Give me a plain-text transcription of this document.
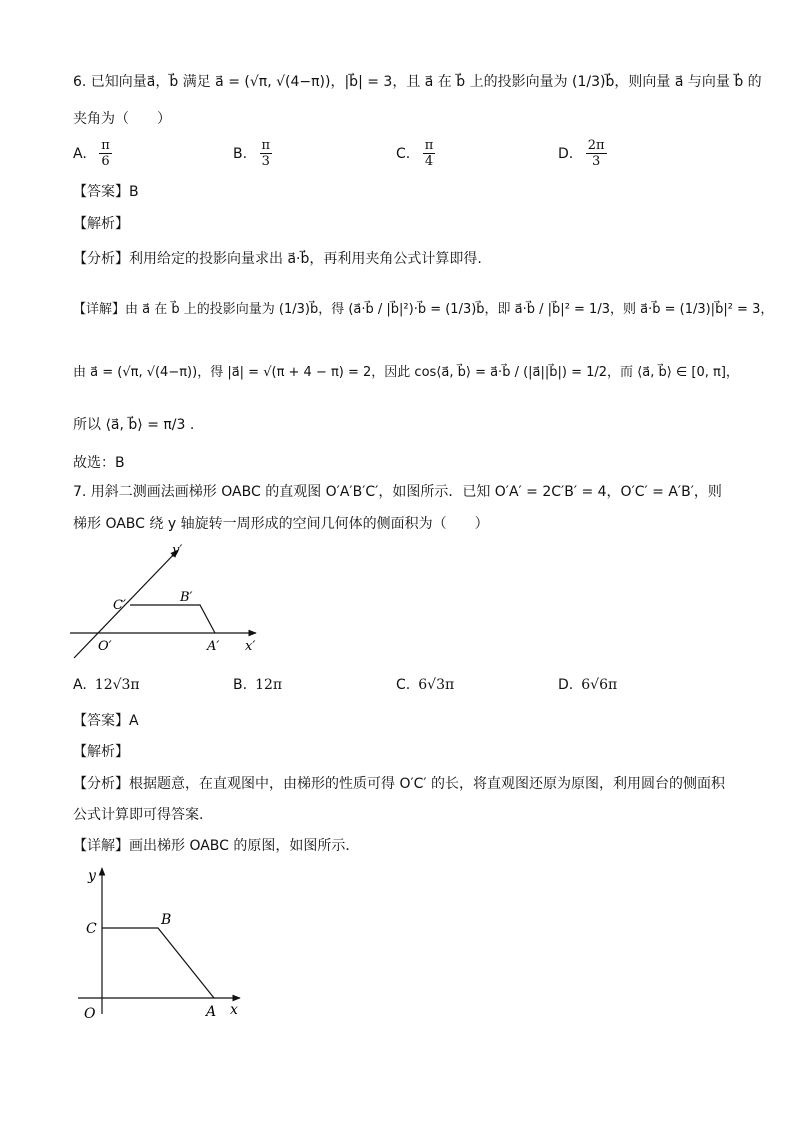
6. 已知向量a⃗，b⃗ 满足 a⃗ = (√π, √(4−π))，|b⃗| = 3，且 a⃗ 在 b⃗ 上的投影向量为 (1/3)b⃗，则向量 a⃗ 与向量 b⃗ 的
夹角为（　　）
A. $\frac{\pi}{6}$	B. $\frac{\pi}{3}$	C. $\frac{\pi}{4}$	D. $\frac{2\pi}{3}$
【答案】B
【解析】
【分析】利用给定的投影向量求出 a⃗·b⃗，再利用夹角公式计算即得.
【详解】由 a⃗ 在 b⃗ 上的投影向量为 (1/3)b⃗，得 (a⃗·b⃗ / |b⃗|²)·b⃗ = (1/3)b⃗，即 a⃗·b⃗ / |b⃗|² = 1/3，则 a⃗·b⃗ = (1/3)|b⃗|² = 3，
由 a⃗ = (√π, √(4−π))，得 |a⃗| = √(π + 4 − π) = 2，因此 cos⟨a⃗, b⃗⟩ = a⃗·b⃗ / (|a⃗||b⃗|) = 1/2，而 ⟨a⃗, b⃗⟩ ∈ [0, π]，
所以 ⟨a⃗, b⃗⟩ = π/3 .
故选：B
7. 用斜二测画法画梯形 OABC 的直观图 O′A′B′C′，如图所示．已知 O′A′ = 2C′B′ = 4，O′C′ = A′B′，则
梯形 OABC 绕 y 轴旋转一周形成的空间几何体的侧面积为（　　）
y′
x′
O′	A′
B′
C′
A. 12√3π	B. 12π	C. 6√3π	D. 6√6π
【答案】A
【解析】
【分析】根据题意，在直观图中，由梯形的性质可得 O′C′ 的长，将直观图还原为原图，利用圆台的侧面积
公式计算即可得答案.
【详解】画出梯形 OABC 的原图，如图所示．
y
x
O	A
B
C
